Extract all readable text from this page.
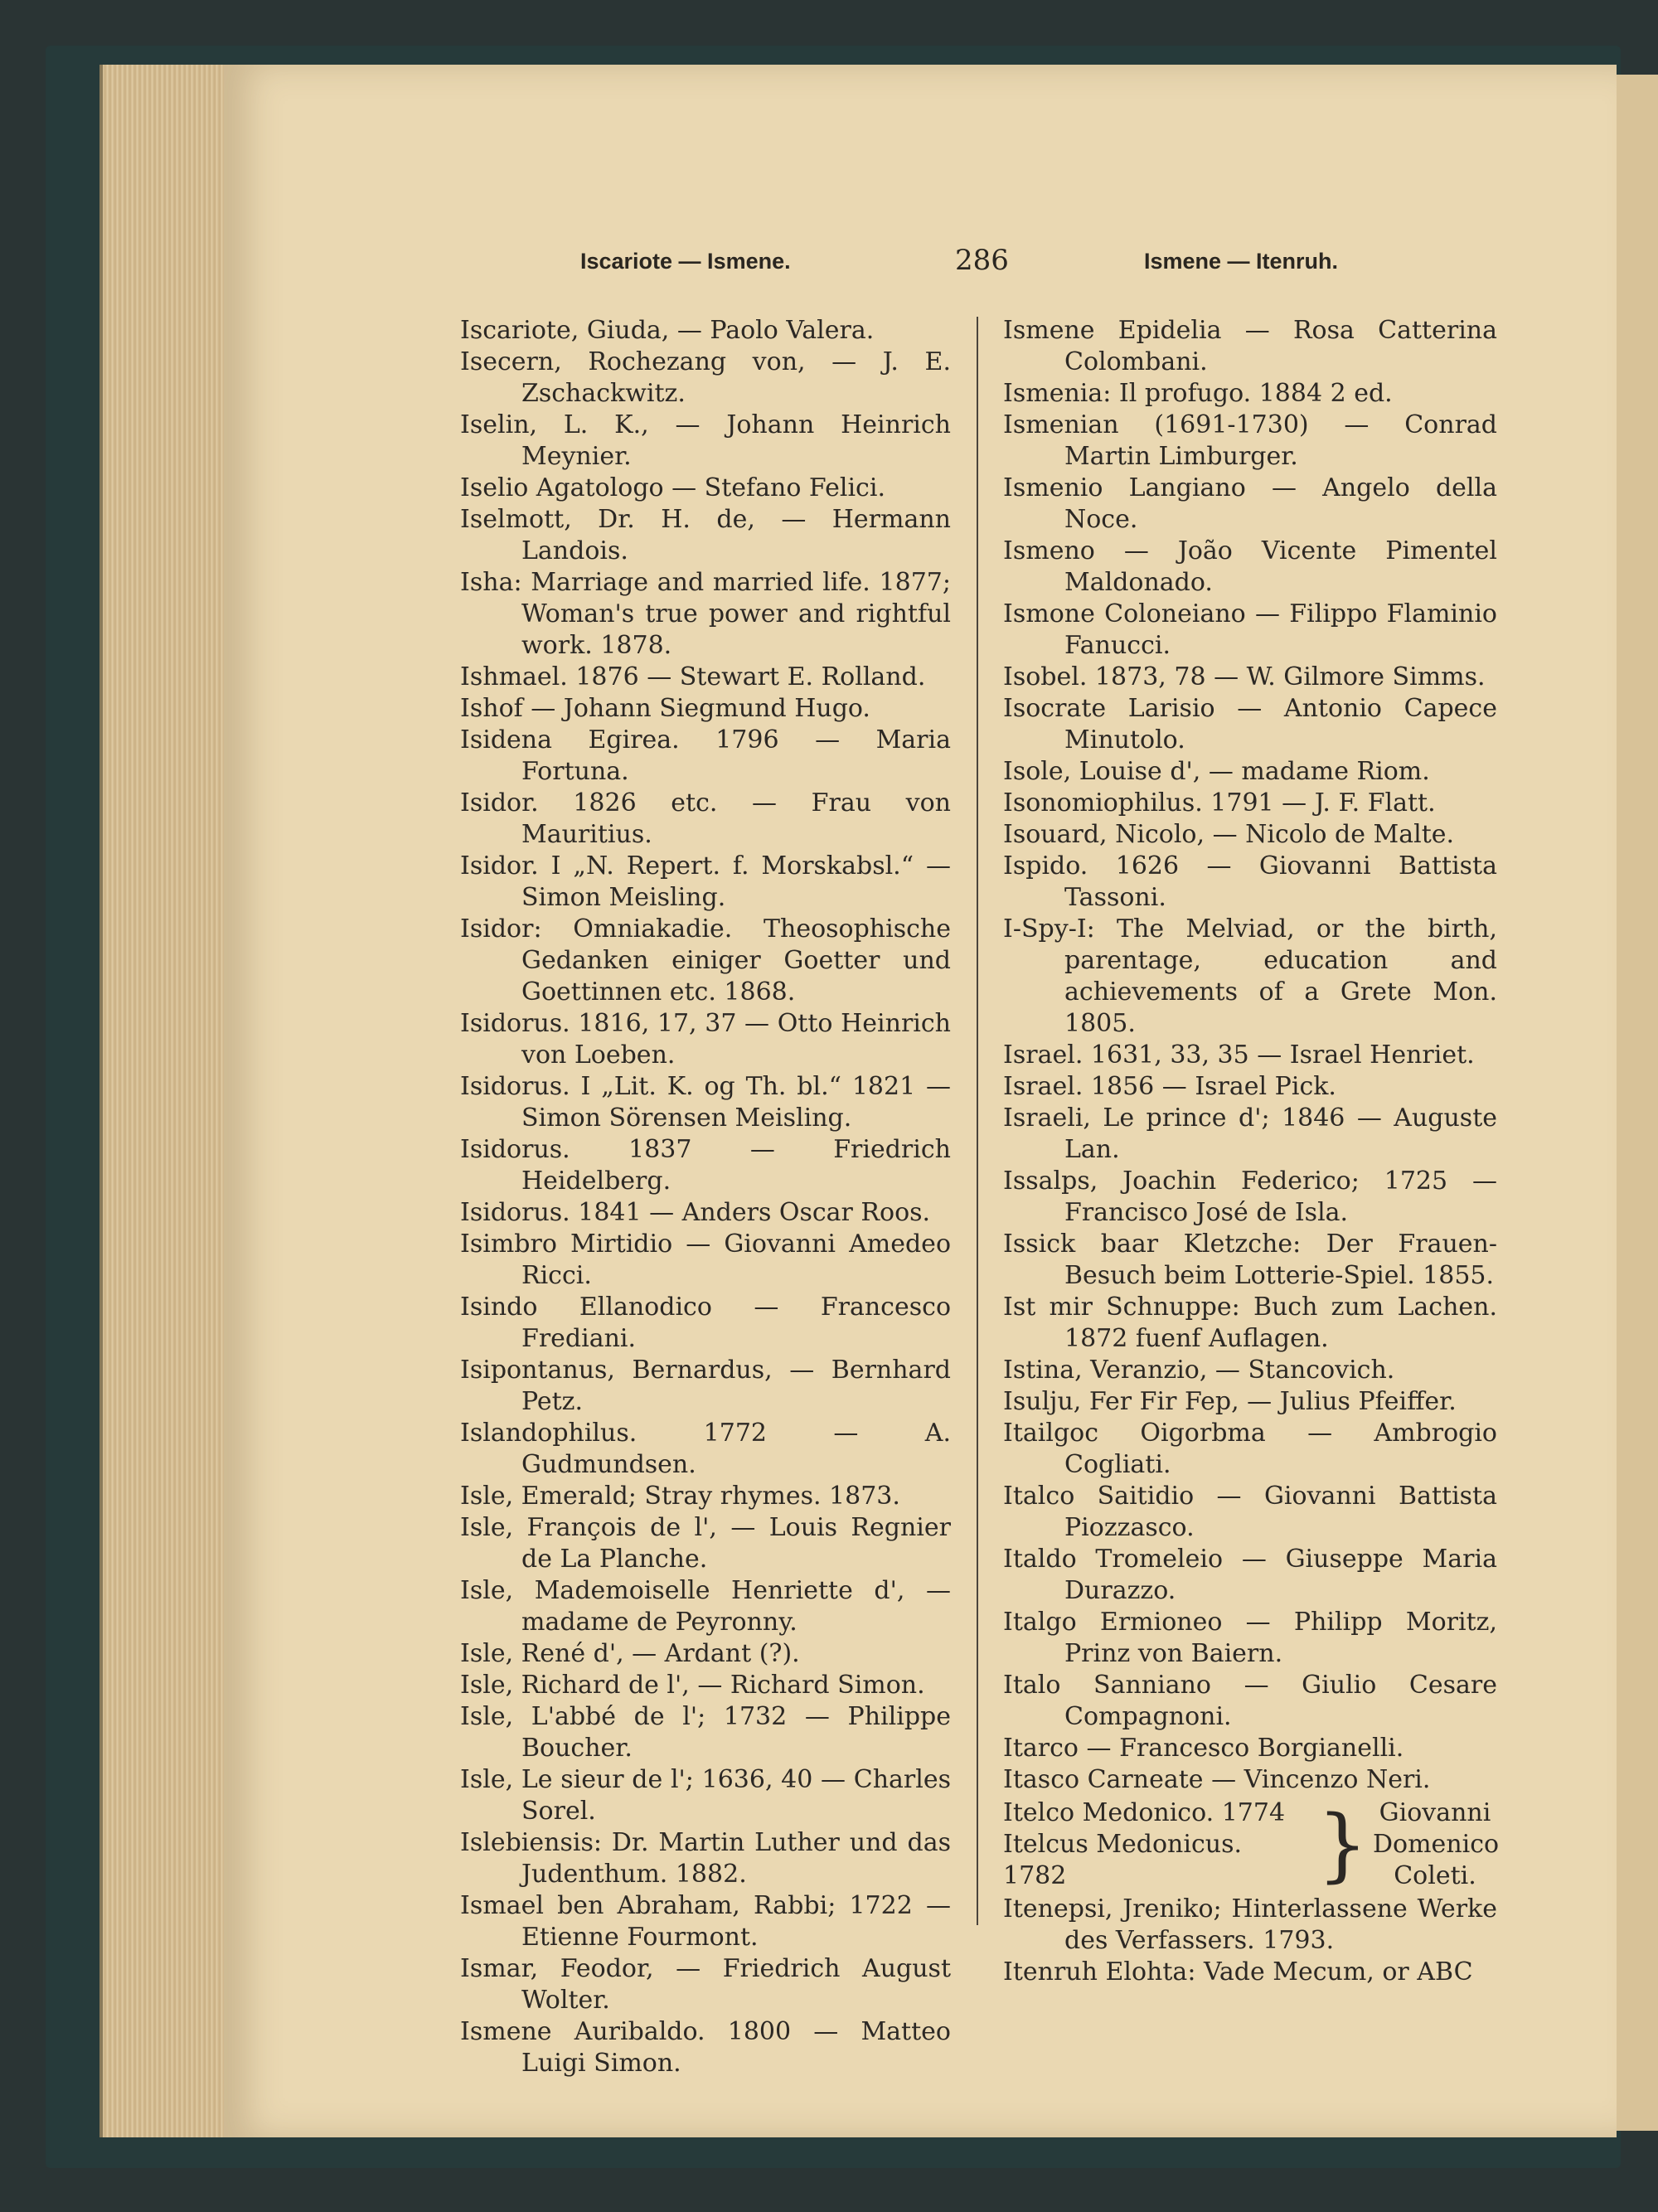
Iscariote — Ismene.	286	Ismene — Itenruh.

Iscariote, Giuda, — Paolo Valera.

Isecern, Rochezang von, — J. E. Zschackwitz.

Iselin, L. K., — Johann Heinrich Meynier.

Iselio Agatologo — Stefano Felici.

Iselmott, Dr. H. de, — Hermann Landois.

Isha: Marriage and married life. 1877; Woman's true power and rightful work. 1878.

Ishmael. 1876 — Stewart E. Rolland.

Ishof — Johann Siegmund Hugo.

Isidena Egirea. 1796 — Maria Fortuna.

Isidor. 1826 etc. — Frau von Mauritius.

Isidor. I „N. Repert. f. Morskabsl.“ — Simon Meisling.

Isidor: Omniakadie. Theosophische Gedanken einiger Goetter und Goettinnen etc. 1868.

Isidorus. 1816, 17, 37 — Otto Heinrich von Loeben.

Isidorus. I „Lit. K. og Th. bl.“ 1821 — Simon Sörensen Meisling.

Isidorus. 1837 — Friedrich Heidelberg.

Isidorus. 1841 — Anders Oscar Roos.

Isimbro Mirtidio — Giovanni Amedeo Ricci.

Isindo Ellanodico — Francesco Frediani.

Isipontanus, Bernardus, — Bernhard Petz.

Islandophilus. 1772 — A. Gudmundsen.

Isle, Emerald; Stray rhymes. 1873.

Isle, François de l', — Louis Regnier de La Planche.

Isle, Mademoiselle Henriette d', — madame de Peyronny.

Isle, René d', — Ardant (?).

Isle, Richard de l', — Richard Simon.

Isle, L'abbé de l'; 1732 — Philippe Boucher.

Isle, Le sieur de l'; 1636, 40 — Charles Sorel.

Islebiensis: Dr. Martin Luther und das Judenthum. 1882.

Ismael ben Abraham, Rabbi; 1722 — Etienne Fourmont.

Ismar, Feodor, — Friedrich August Wolter.

Ismene Auribaldo. 1800 — Matteo Luigi Simon.

Ismene Epidelia — Rosa Catterina Colombani.

Ismenia: Il profugo. 1884 2 ed.

Ismenian (1691-1730) — Conrad Martin Limburger.

Ismenio Langiano — Angelo della Noce.

Ismeno — João Vicente Pimentel Maldonado.

Ismone Coloneiano — Filippo Flaminio Fanucci.

Isobel. 1873, 78 — W. Gilmore Simms.

Isocrate Larisio — Antonio Capece Minutolo.

Isole, Louise d', — madame Riom.

Isonomiophilus. 1791 — J. F. Flatt.

Isouard, Nicolo, — Nicolo de Malte.

Ispido. 1626 — Giovanni Battista Tassoni.

I-Spy-I: The Melviad, or the birth, parentage, education and achievements of a Grete Mon. 1805.

Israel. 1631, 33, 35 — Israel Henriet.

Israel. 1856 — Israel Pick.

Israeli, Le prince d'; 1846 — Auguste Lan.

Issalps, Joachin Federico; 1725 — Francisco José de Isla.

Issick baar Kletzche: Der Frauen-Besuch beim Lotterie-Spiel. 1855.

Ist mir Schnuppe: Buch zum Lachen. 1872 fuenf Auflagen.

Istina, Veranzio, — Stancovich.

Isulju, Fer Fir Fep, — Julius Pfeiffer.

Itailgoc Oigorbma — Ambrogio Cogliati.

Italco Saitidio — Giovanni Battista Piozzasco.

Italdo Tromeleio — Giuseppe Maria Durazzo.

Italgo Ermioneo — Philipp Moritz, Prinz von Baiern.

Italo Sanniano — Giulio Cesare Compagnoni.

Itarco — Francesco Borgianelli.

Itasco Carneate — Vincenzo Neri.

Itelco Medonico. 1774

Itelcus Medonicus. 1782	} Giovanni

Domenico

Coleti.

Itenepsi, Jreniko; Hinterlassene Werke des Verfassers. 1793.

Itenruh Elohta: Vade Mecum, or ABC
